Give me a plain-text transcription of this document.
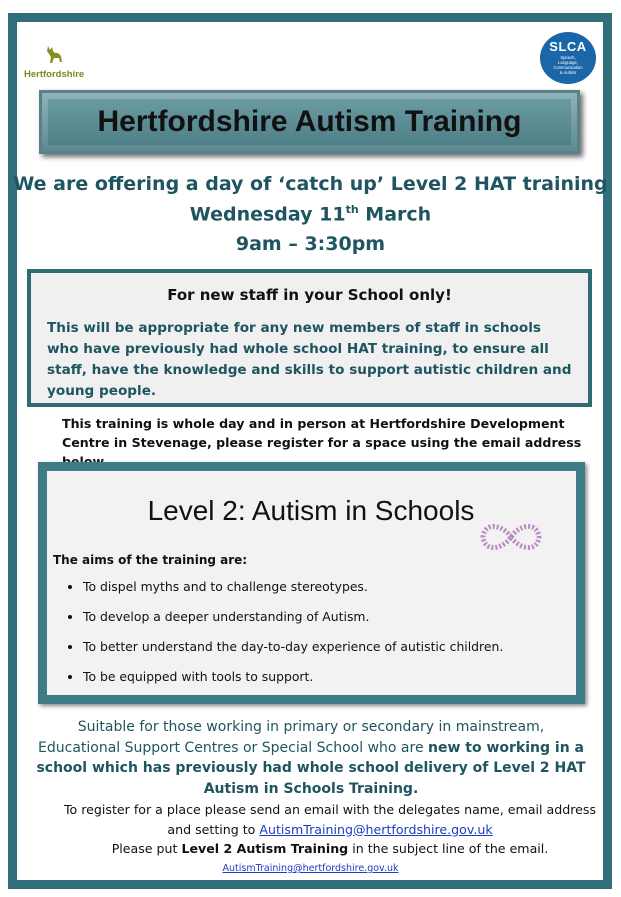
Hertfordshire
SLCA
Speech,
Language,
Communication
& Autism
Hertfordshire Autism Training
We are offering a day of ‘catch up’ Level 2 HAT training
Wednesday 11th March
9am – 3:30pm
For new staff in your School only!
This will be appropriate for any new members of staff in schools who have previously had whole school HAT training, to ensure all staff, have the knowledge and skills to support autistic children and young people.
This training is whole day and in person at Hertfordshire Development Centre in Stevenage, please register for a space using the email address
Level 2: Autism in Schools
The aims of the training are:
• To dispel myths and to challenge stereotypes.
• To develop a deeper understanding of Autism.
• To better understand the day-to-day experience of autistic children.
• To be equipped with tools to support.
Suitable for those working in primary or secondary in mainstream, Educational Support Centres or Special School who are new to working in a school which has previously had whole school delivery of Level 2 HAT Autism in Schools Training.
To register for a place please send an email with the delegates name, email address and setting to AutismTraining@hertfordshire.gov.uk
Please put Level 2 Autism Training in the subject line of the email.
AutismTraining@hertfordshire.gov.uk
